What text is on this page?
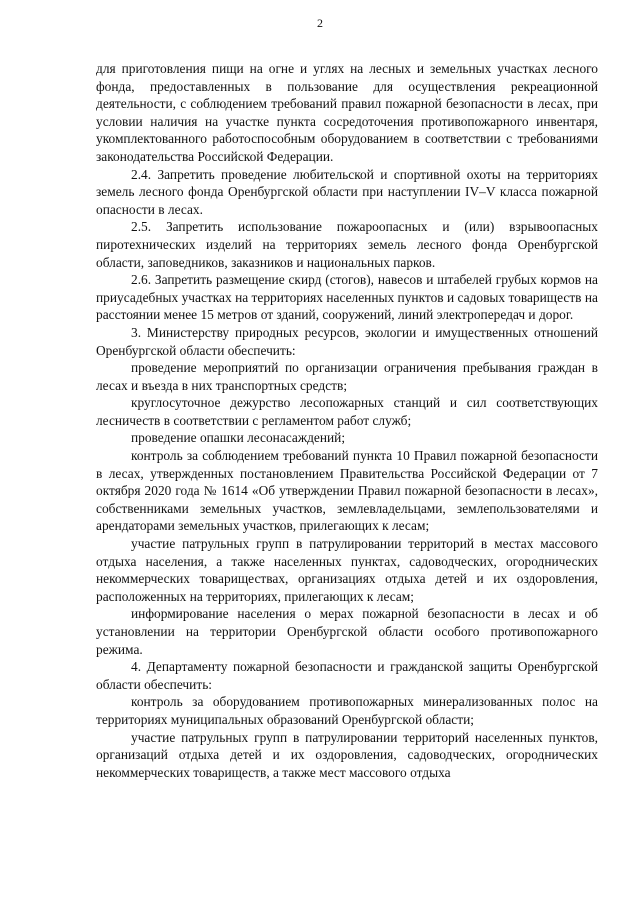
2

для приготовления пищи на огне и углях на лесных и земельных участках лесного фонда, предоставленных в пользование для осуществления рекреационной деятельности, с соблюдением требований правил пожарной безопасности в лесах, при условии наличия на участке пункта сосредоточения противопожарного инвентаря, укомплектованного работоспособным оборудованием в соответствии с требованиями законодательства Российской Федерации.

2.4. Запретить проведение любительской и спортивной охоты на территориях земель лесного фонда Оренбургской области при наступлении IV–V класса пожарной опасности в лесах.

2.5. Запретить использование пожароопасных и (или) взрывоопасных пиротехнических изделий на территориях земель лесного фонда Оренбургской области, заповедников, заказников и национальных парков.

2.6. Запретить размещение скирд (стогов), навесов и штабелей грубых кормов на приусадебных участках на территориях населенных пунктов и садовых товариществ на расстоянии менее 15 метров от зданий, сооружений, линий электропередач и дорог.

3. Министерству природных ресурсов, экологии и имущественных отношений Оренбургской области обеспечить:

проведение мероприятий по организации ограничения пребывания граждан в лесах и въезда в них транспортных средств;

круглосуточное дежурство лесопожарных станций и сил соответствующих лесничеств в соответствии с регламентом работ служб;

проведение опашки лесонасаждений;

контроль за соблюдением требований пункта 10 Правил пожарной безопасности в лесах, утвержденных постановлением Правительства Российской Федерации от 7 октября 2020 года № 1614 «Об утверждении Правил пожарной безопасности в лесах», собственниками земельных участков, землевладельцами, землепользователями и арендаторами земельных участков, прилегающих к лесам;

участие патрульных групп в патрулировании территорий в местах массового отдыха населения, а также населенных пунктах, садоводческих, огороднических некоммерческих товариществах, организациях отдыха детей и их оздоровления, расположенных на территориях, прилегающих к лесам;

информирование населения о мерах пожарной безопасности в лесах и об установлении на территории Оренбургской области особого противопожарного режима.

4. Департаменту пожарной безопасности и гражданской защиты Оренбургской области обеспечить:

контроль за оборудованием противопожарных минерализованных полос на территориях муниципальных образований Оренбургской области;

участие патрульных групп в патрулировании территорий населенных пунктов, организаций отдыха детей и их оздоровления, садоводческих, огороднических некоммерческих товариществ, а также мест массового отдыха
